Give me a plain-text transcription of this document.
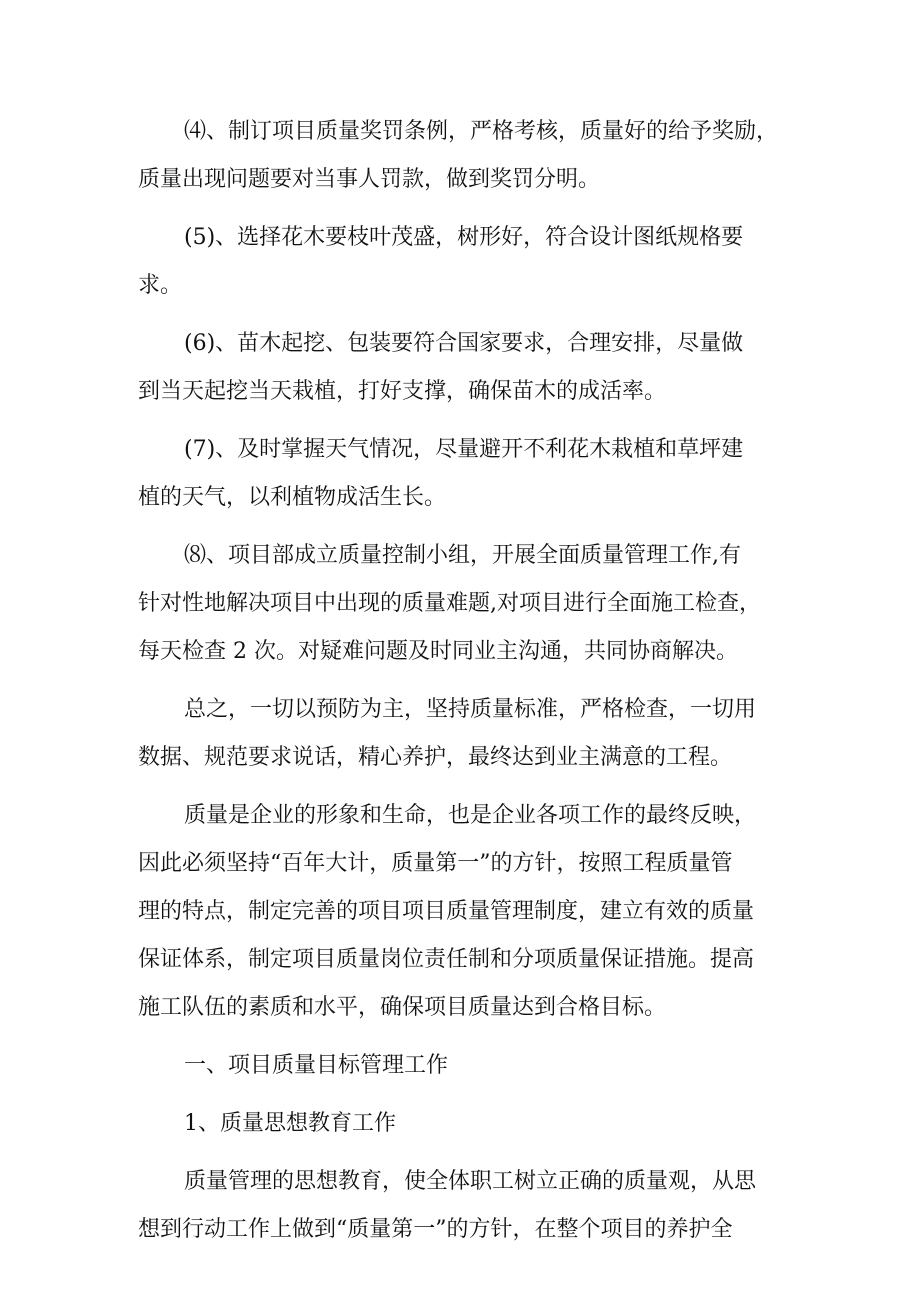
⑷、制订项目质量奖罚条例，严格考核，质量好的给予奖励，
质量出现问题要对当事人罚款，做到奖罚分明。
(5)、选择花木要枝叶茂盛，树形好，符合设计图纸规格要
求。
(6)、苗木起挖、包装要符合国家要求，合理安排，尽量做
到当天起挖当天栽植，打好支撑，确保苗木的成活率。
(7)、及时掌握天气情况，尽量避开不利花木栽植和草坪建
植的天气，以利植物成活生长。
⑻、项目部成立质量控制小组，开展全面质量管理工作,有
针对性地解决项目中出现的质量难题,对项目进行全面施工检查，
每天检查 2 次。对疑难问题及时同业主沟通，共同协商解决。
总之，一切以预防为主，坚持质量标准，严格检查，一切用
数据、规范要求说话，精心养护，最终达到业主满意的工程。
质量是企业的形象和生命，也是企业各项工作的最终反映，
因此必须坚持“百年大计，质量第一”的方针，按照工程质量管
理的特点，制定完善的项目项目质量管理制度，建立有效的质量
保证体系，制定项目质量岗位责任制和分项质量保证措施。提高
施工队伍的素质和水平，确保项目质量达到合格目标。
一、项目质量目标管理工作
1、质量思想教育工作
质量管理的思想教育，使全体职工树立正确的质量观，从思
想到行动工作上做到“质量第一”的方针，在整个项目的养护全
